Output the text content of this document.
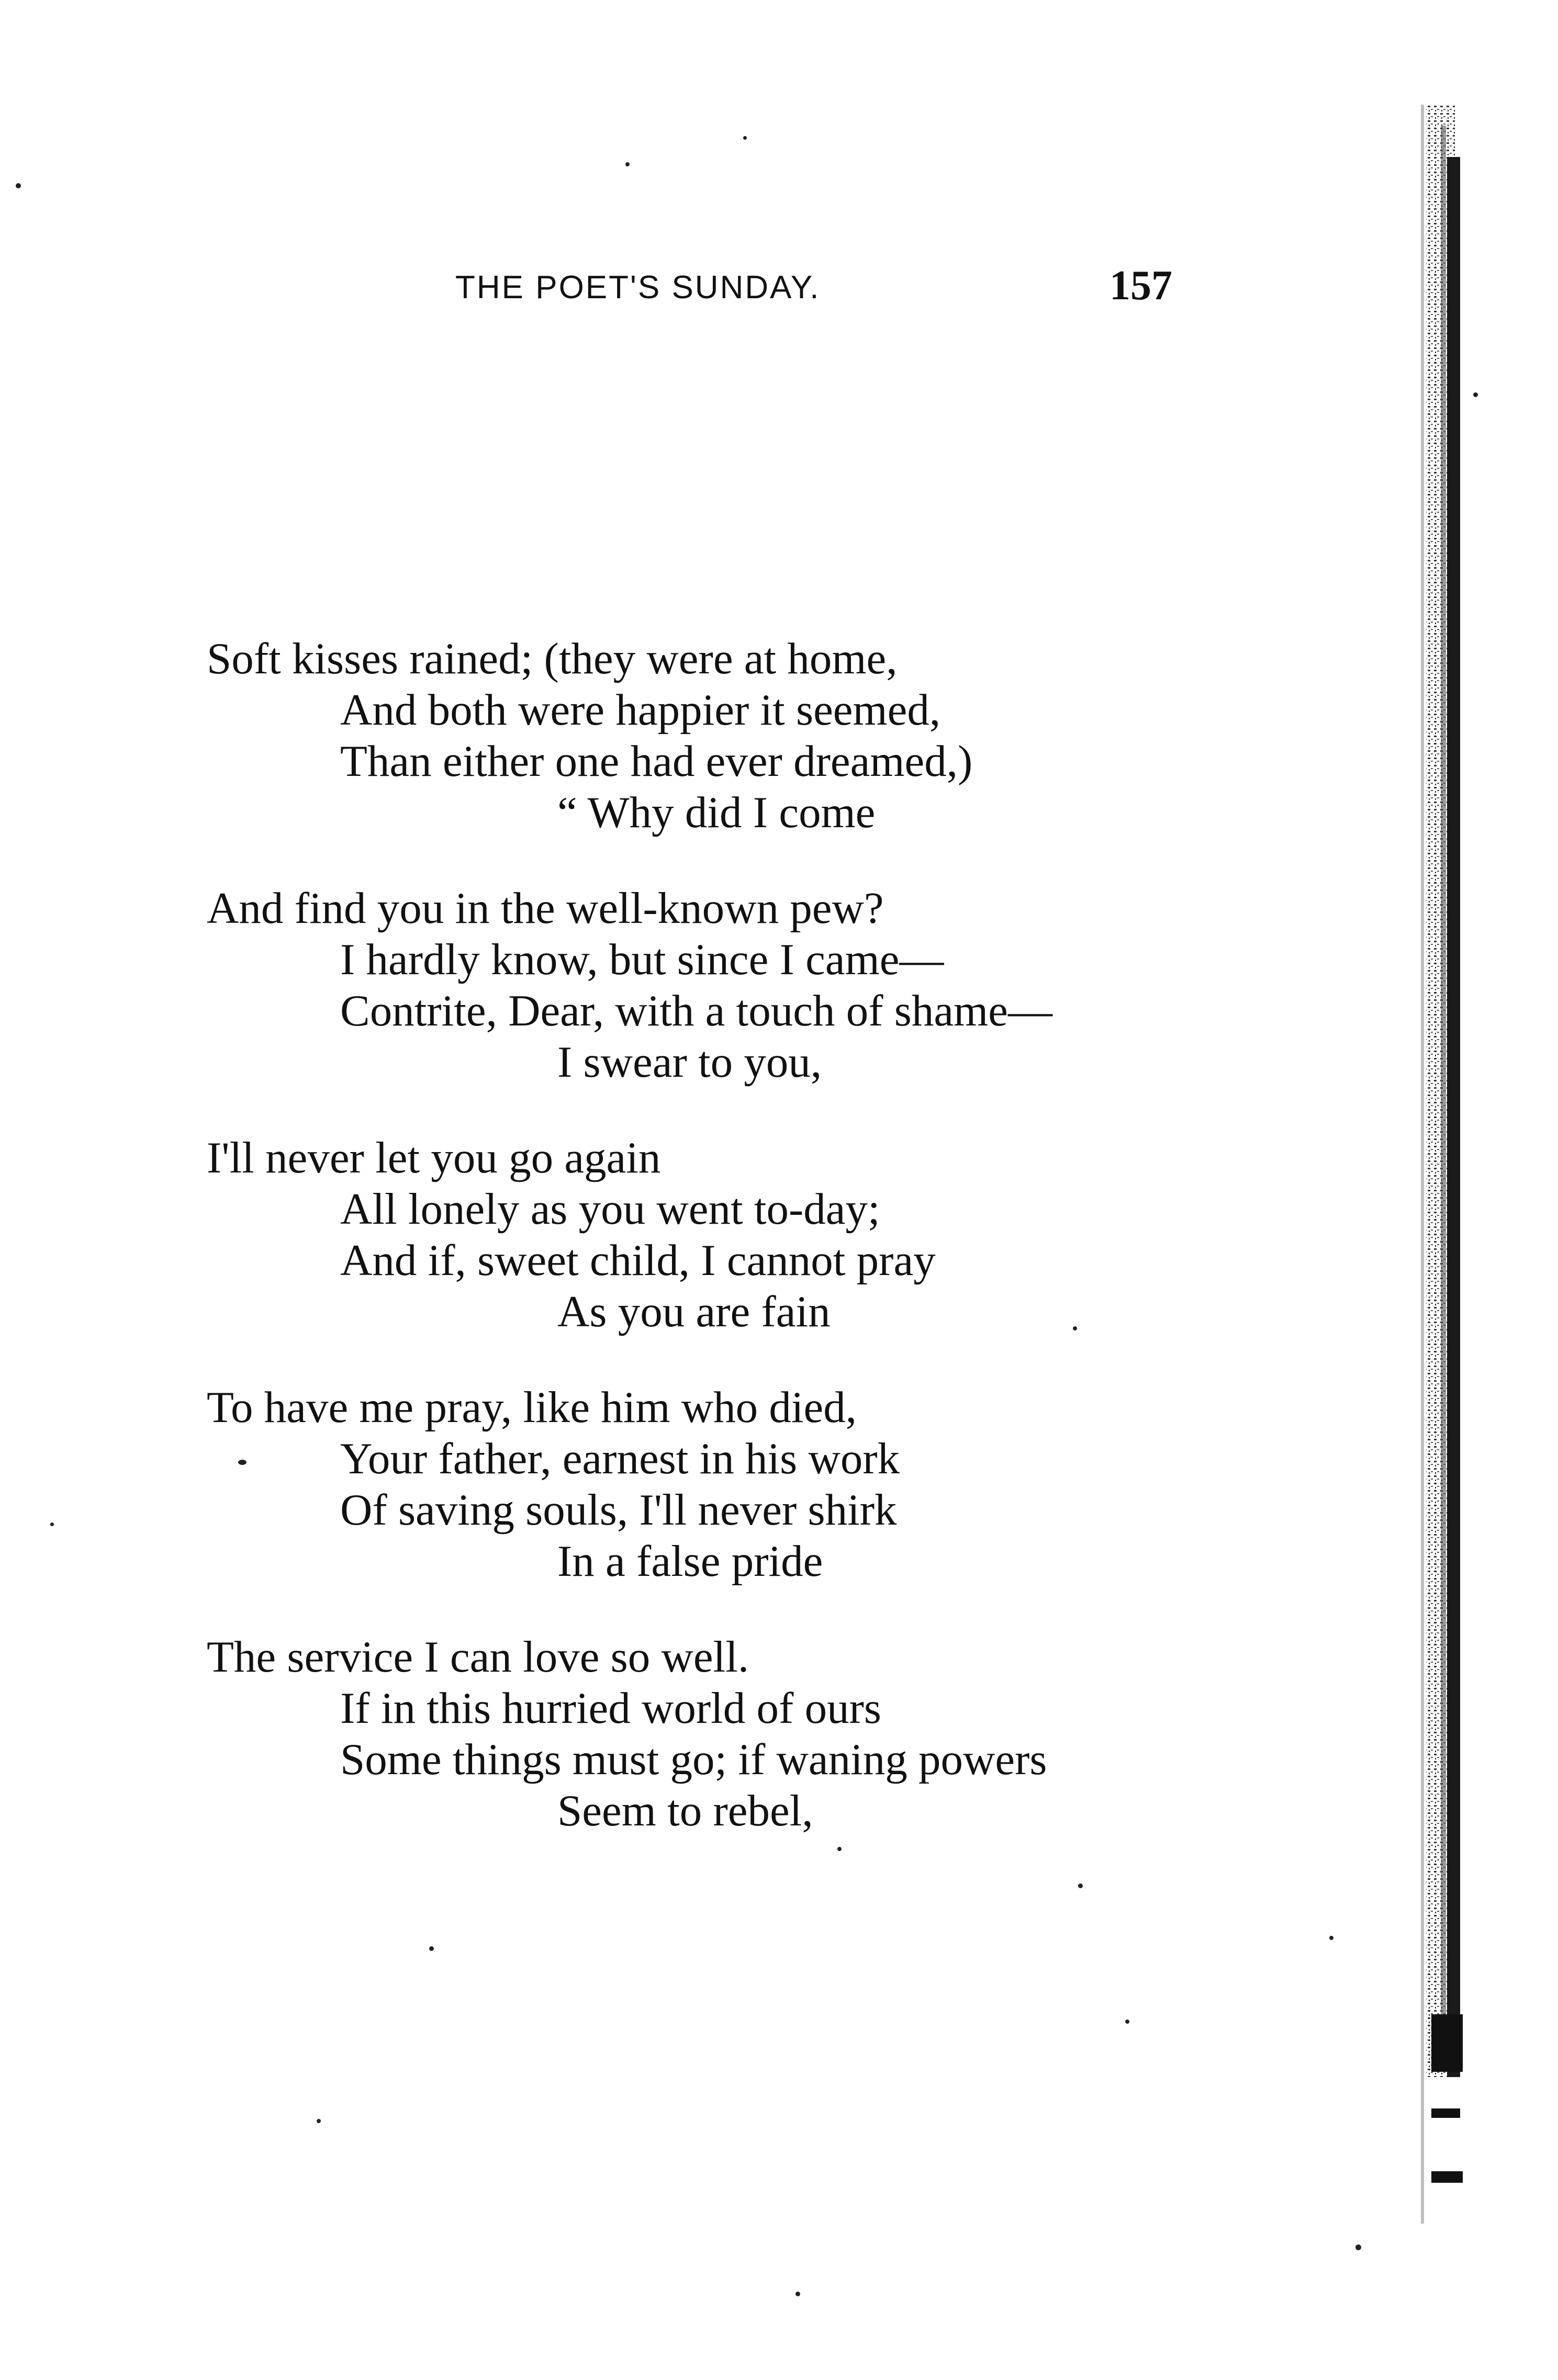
THE POET'S SUNDAY.	157
Soft kisses rained; (they were at home,
And both were happier it seemed,
Than either one had ever dreamed,)
“ Why did I come
And find you in the well-known pew?
I hardly know, but since I came—
Contrite, Dear, with a touch of shame—
I swear to you,
I'll never let you go again
All lonely as you went to-day;
And if, sweet child, I cannot pray
As you are fain
To have me pray, like him who died,
Your father, earnest in his work
Of saving souls, I'll never shirk
In a false pride
The service I can love so well.
If in this hurried world of ours
Some things must go; if waning powers
Seem to rebel,
